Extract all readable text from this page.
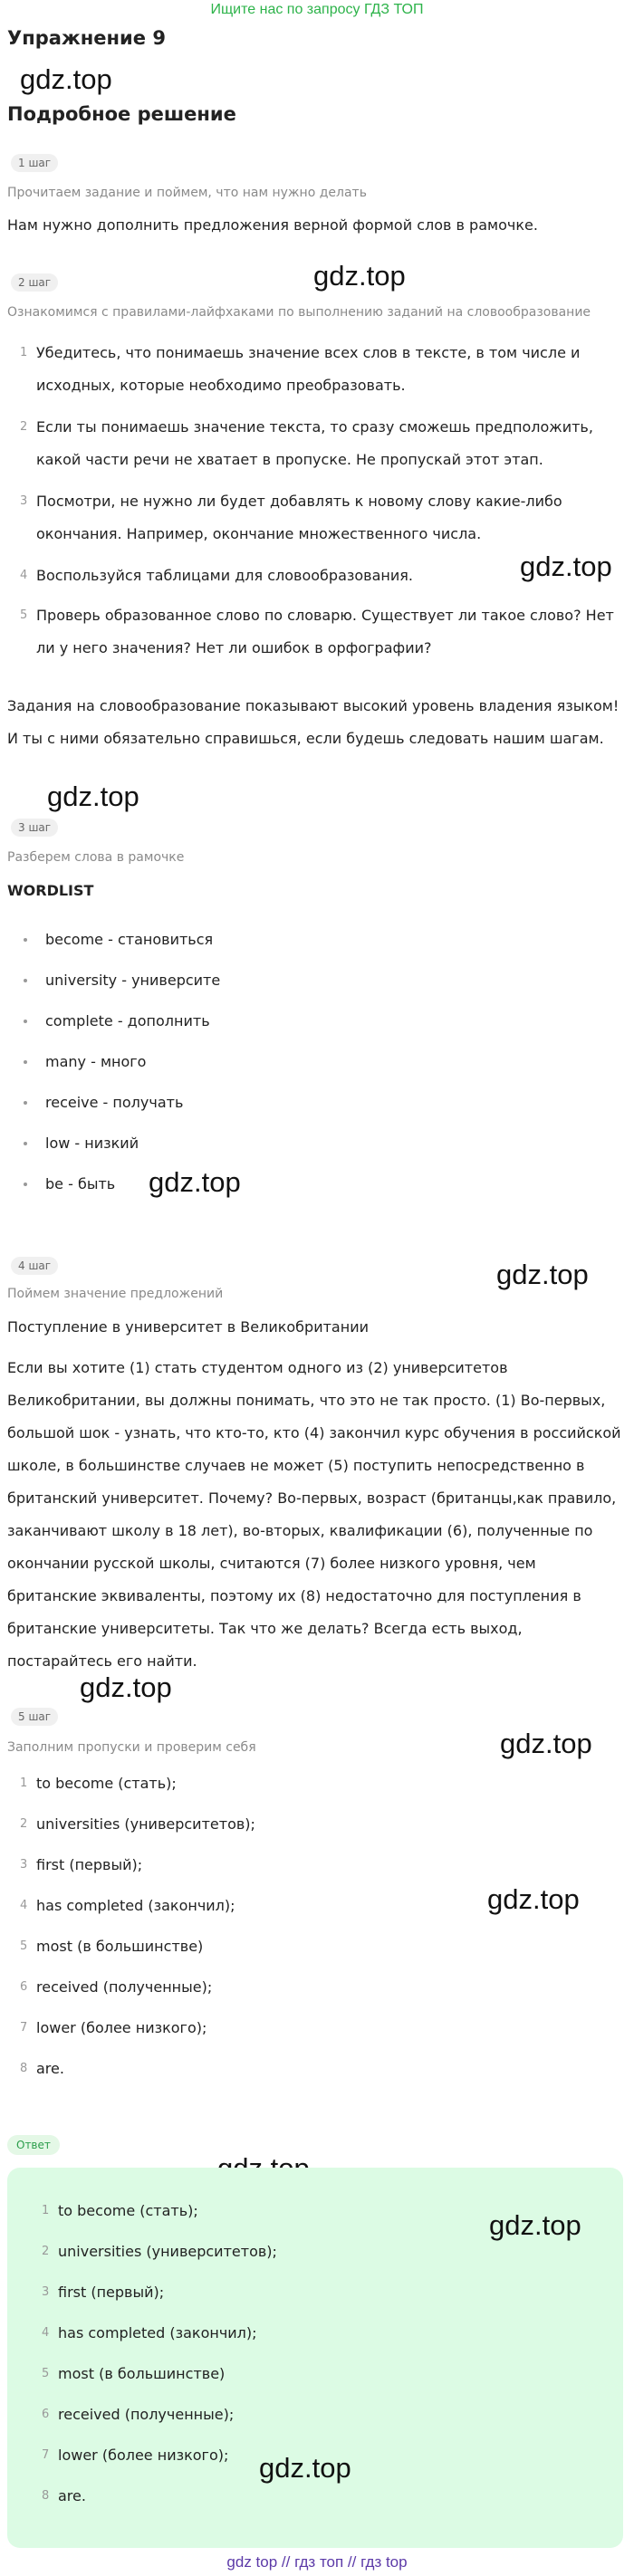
Ищите нас по запросу ГДЗ ТОП
Упражнение 9
gdz.top
Подробное решение
1 шаг
Прочитаем задание и поймем, что нам нужно делать
Нам нужно дополнить предложения верной формой слов в рамочке.
2 шаг	gdz.top
Ознакомимся с правилами-лайфхаками по выполнению заданий на словообразование
1 Убедитесь, что понимаешь значение всех слов в тексте, в том числе и исходных, которые необходимо преобразовать.
2 Если ты понимаешь значение текста, то сразу сможешь предположить, какой части речи не хватает в пропуске. Не пропускай этот этап.
3 Посмотри, не нужно ли будет добавлять к новому слову какие-либо окончания. Например, окончание множественного числа.
4 Воспользуйся таблицами для словообразования.
5 Проверь образованное слово по словарю. Существует ли такое слово? Нет ли у него значения? Нет ли ошибок в орфографии?
gdz.top
Задания на словообразование показывают высокий уровень владения языком! И ты с ними обязательно справишься, если будешь следовать нашим шагам.
gdz.top
3 шаг
Разберем слова в рамочке
WORDLIST
become - становиться
university - университе
complete - дополнить
many - много
receive - получать
low - низкий
be - быть	gdz.top
4 шаг	gdz.top
Поймем значение предложений
Поступление в университет в Великобритании
Если вы хотите (1) стать студентом одного из (2) университетов Великобритании, вы должны понимать, что это не так просто. (1) Во-первых, большой шок - узнать, что кто-то, кто (4) закончил курс обучения в российской школе, в большинстве случаев не может (5) поступить непосредственно в британский университет. Почему? Во-первых, возраст (британцы,как правило, заканчивают школу в 18 лет), во-вторых, квалификации (6), полученные по окончании русской школы, считаются (7) более низкого уровня, чем британские эквиваленты, поэтому их (8) недостаточно для поступления в британские университеты. Так что же делать? Всегда есть выход, постарайтесь его найти.
gdz.top
5 шаг
gdz.top
Заполним пропуски и проверим себя
1 to become (стать);
2 universities (университетов);
3 first (первый);
4 has completed (закончил);
5 most (в большинстве)
6 received (полученные);
7 lower (более низкого);
8 are.
gdz.top
Ответ
1 to become (стать);
2 universities (университетов);
3 first (первый);
4 has completed (закончил);
5 most (в большинстве)
6 received (полученные);
7 lower (более низкого);
8 are.
gdz.top
gdz.top
gdz top // гдз топ // гдз top
